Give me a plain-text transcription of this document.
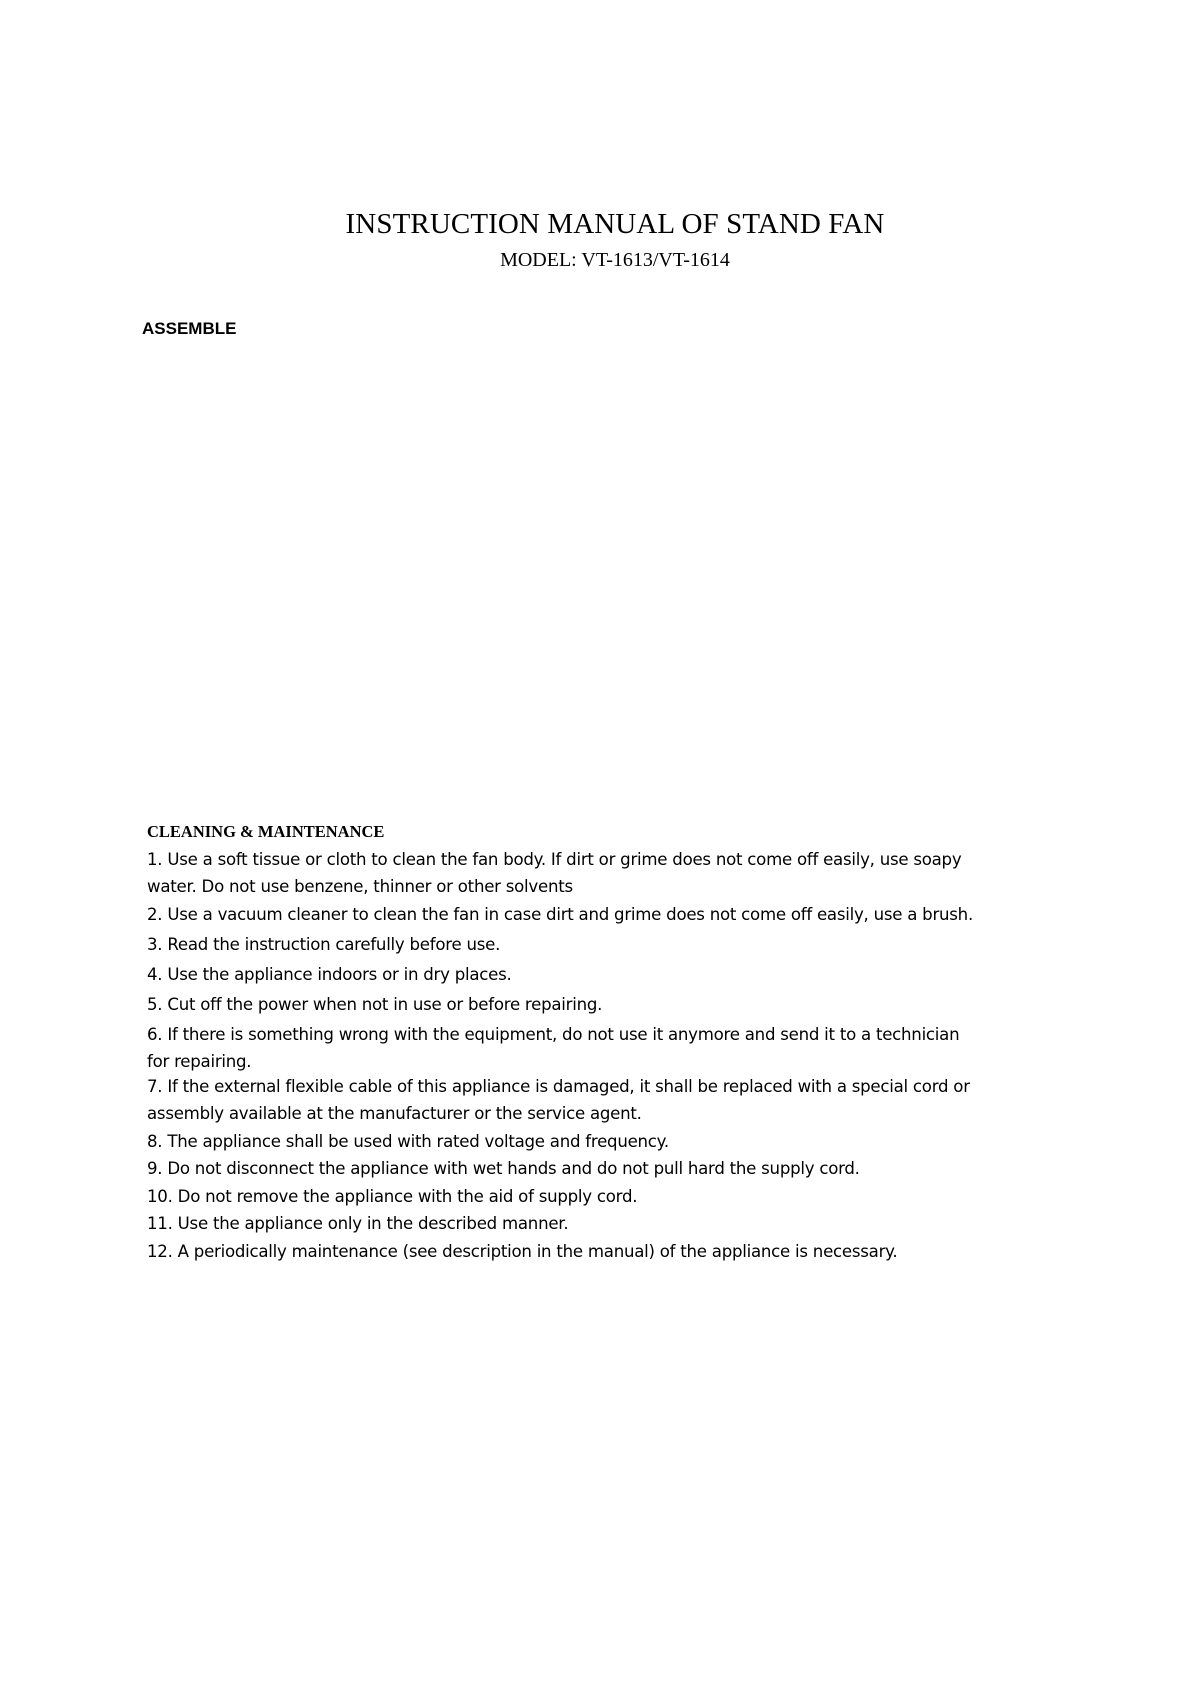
INSTRUCTION MANUAL OF STAND FAN
MODEL: VT-1613/VT-1614
ASSEMBLE
CLEANING & MAINTENANCE
1. Use a soft tissue or cloth to clean the fan body. If dirt or grime does not come off easily, use soapy
water. Do not use benzene, thinner or other solvents
2. Use a vacuum cleaner to clean the fan in case dirt and grime does not come off easily, use a brush.
3. Read the instruction carefully before use.
4. Use the appliance indoors or in dry places.
5. Cut off the power when not in use or before repairing.
6. If there is something wrong with the equipment, do not use it anymore and send it to a technician
for repairing.
7. If the external flexible cable of this appliance is damaged, it shall be replaced with a special cord or
assembly available at the manufacturer or the service agent.
8. The appliance shall be used with rated voltage and frequency.
9. Do not disconnect the appliance with wet hands and do not pull hard the supply cord.
10. Do not remove the appliance with the aid of supply cord.
11. Use the appliance only in the described manner.
12. A periodically maintenance (see description in the manual) of the appliance is necessary.
